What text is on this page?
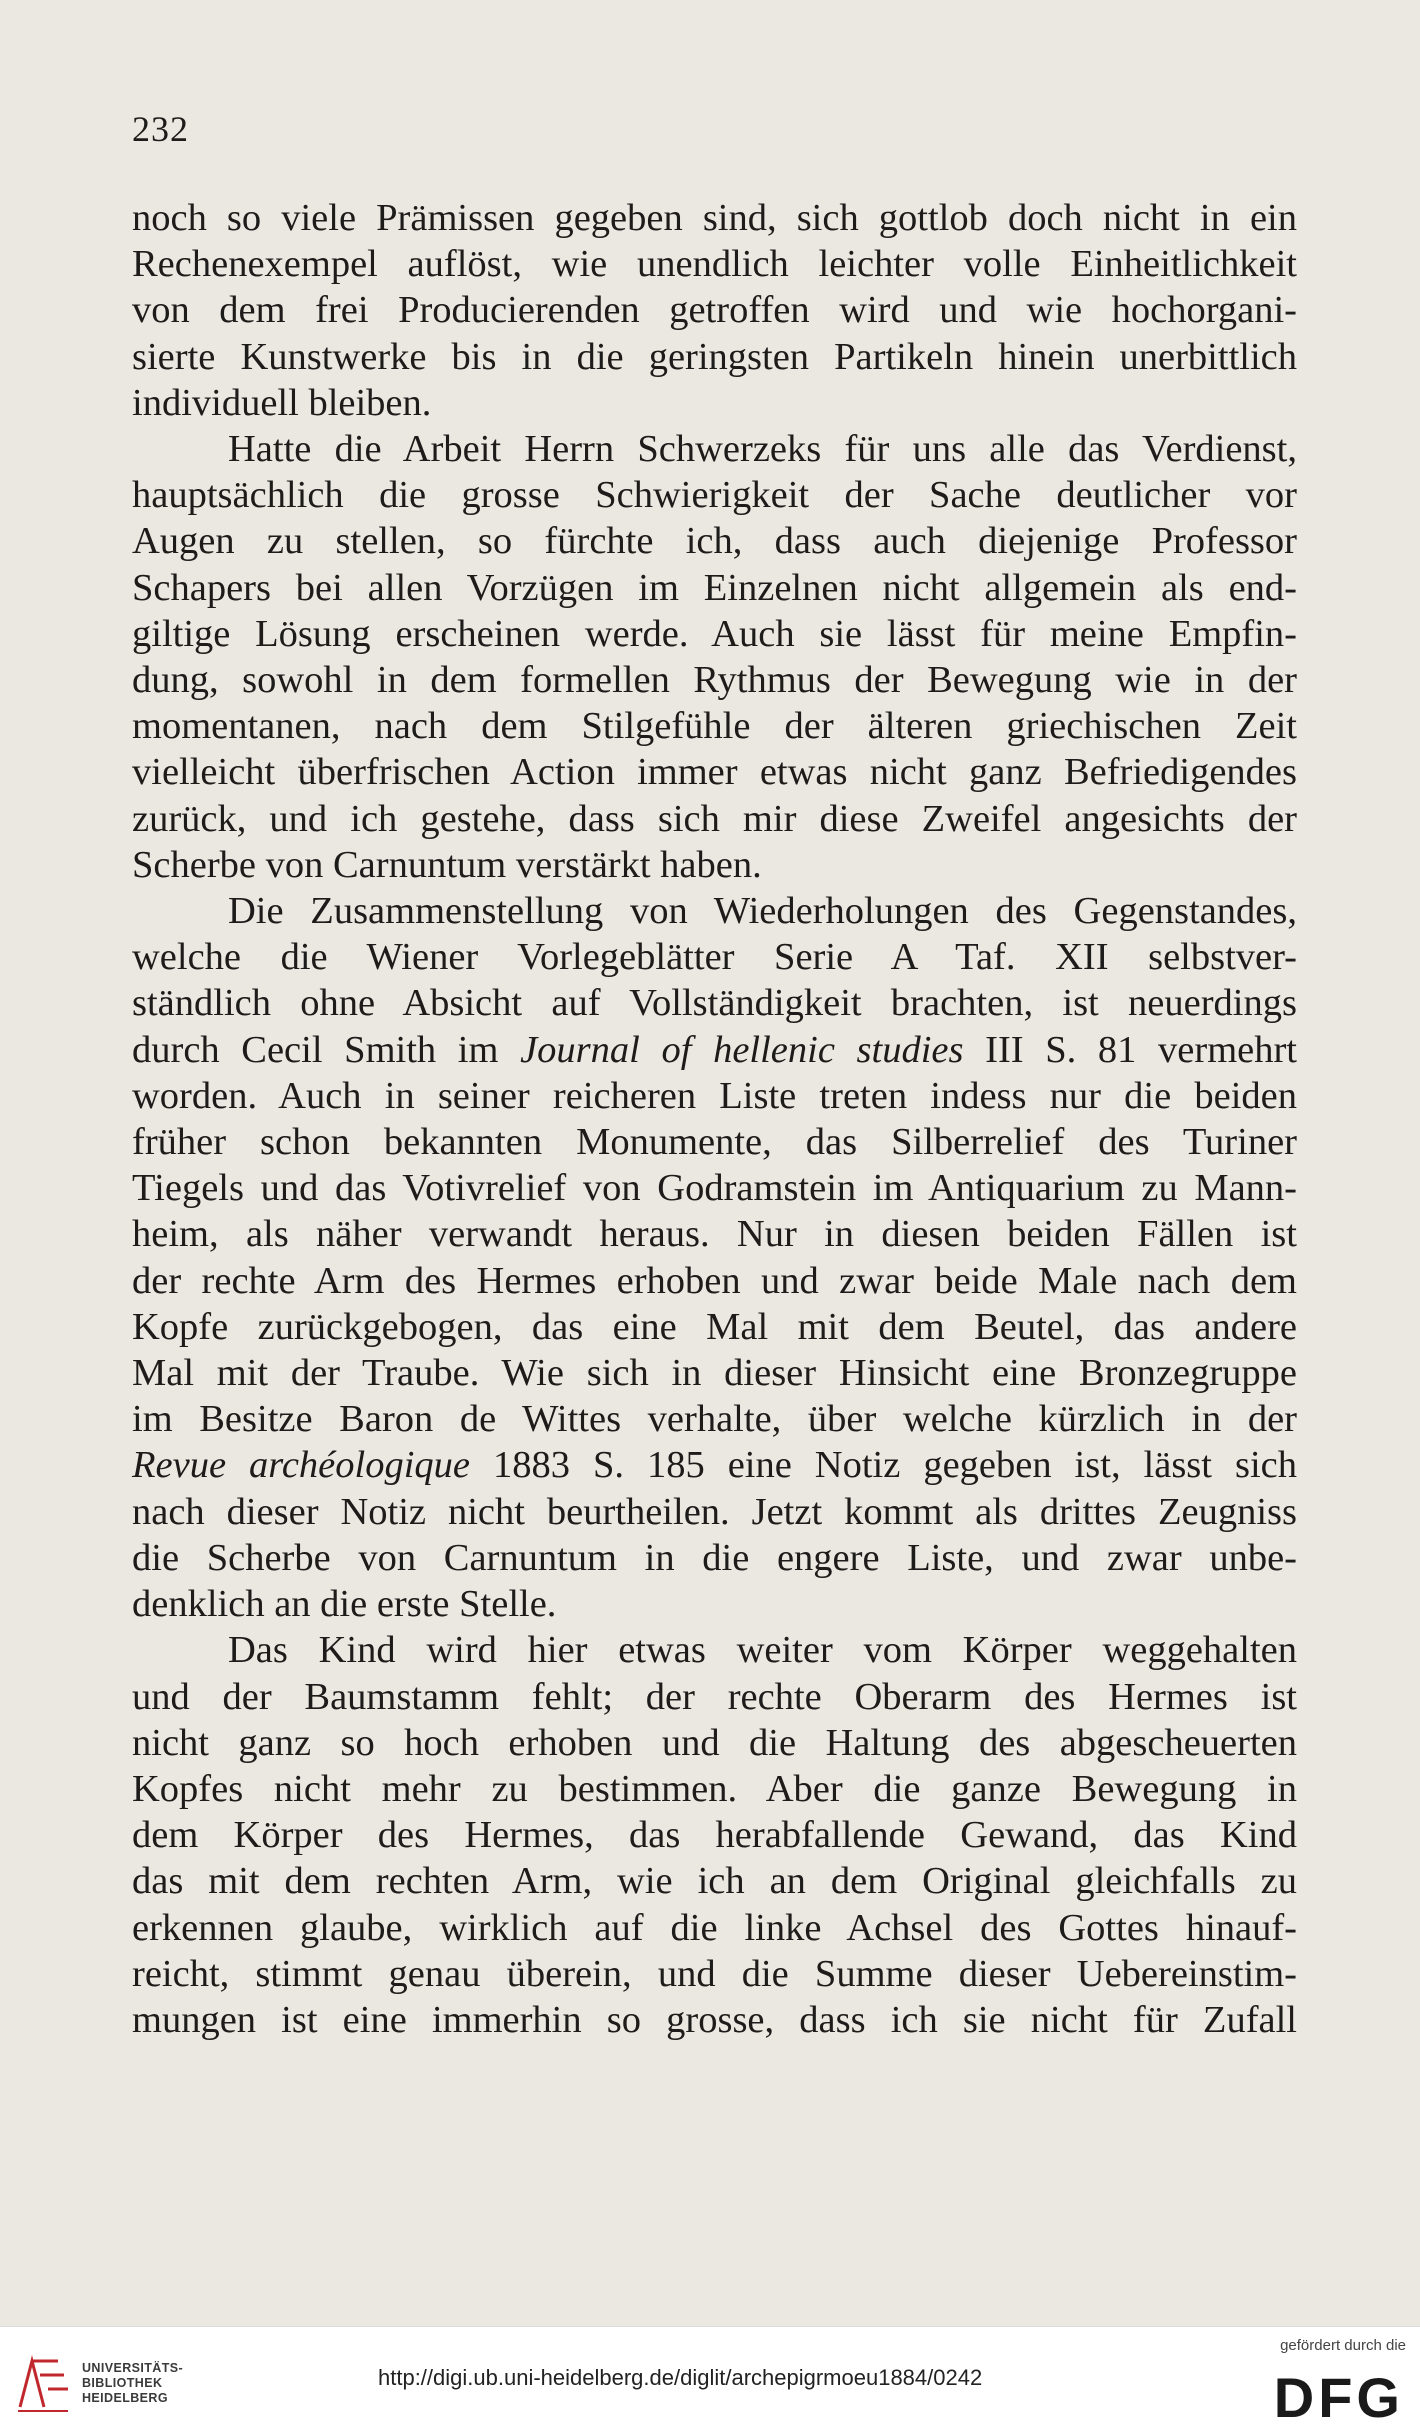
232
noch so viele Prämissen gegeben sind, sich gottlob doch nicht in ein
Rechenexempel auflöst, wie unendlich leichter volle Einheitlichkeit
von dem frei Producierenden getroffen wird und wie hochorgani-
sierte Kunstwerke bis in die geringsten Partikeln hinein unerbittlich
individuell bleiben.
Hatte die Arbeit Herrn Schwerzeks für uns alle das Verdienst,
hauptsächlich die grosse Schwierigkeit der Sache deutlicher vor
Augen zu stellen, so fürchte ich, dass auch diejenige Professor
Schapers bei allen Vorzügen im Einzelnen nicht allgemein als end-
giltige Lösung erscheinen werde. Auch sie lässt für meine Empfin-
dung, sowohl in dem formellen Rythmus der Bewegung wie in der
momentanen, nach dem Stilgefühle der älteren griechischen Zeit
vielleicht überfrischen Action immer etwas nicht ganz Befriedigendes
zurück, und ich gestehe, dass sich mir diese Zweifel angesichts der
Scherbe von Carnuntum verstärkt haben.
Die Zusammenstellung von Wiederholungen des Gegenstandes,
welche die Wiener Vorlegeblätter Serie A Taf. XII selbstver-
ständlich ohne Absicht auf Vollständigkeit brachten, ist neuerdings
durch Cecil Smith im Journal of hellenic studies III S. 81 vermehrt
worden. Auch in seiner reicheren Liste treten indess nur die beiden
früher schon bekannten Monumente, das Silberrelief des Turiner
Tiegels und das Votivrelief von Godramstein im Antiquarium zu Mann-
heim, als näher verwandt heraus. Nur in diesen beiden Fällen ist
der rechte Arm des Hermes erhoben und zwar beide Male nach dem
Kopfe zurückgebogen, das eine Mal mit dem Beutel, das andere
Mal mit der Traube. Wie sich in dieser Hinsicht eine Bronzegruppe
im Besitze Baron de Wittes verhalte, über welche kürzlich in der
Revue archéologique 1883 S. 185 eine Notiz gegeben ist, lässt sich
nach dieser Notiz nicht beurtheilen. Jetzt kommt als drittes Zeugniss
die Scherbe von Carnuntum in die engere Liste, und zwar unbe-
denklich an die erste Stelle.
Das Kind wird hier etwas weiter vom Körper weggehalten
und der Baumstamm fehlt; der rechte Oberarm des Hermes ist
nicht ganz so hoch erhoben und die Haltung des abgescheuerten
Kopfes nicht mehr zu bestimmen. Aber die ganze Bewegung in
dem Körper des Hermes, das herabfallende Gewand, das Kind
das mit dem rechten Arm, wie ich an dem Original gleichfalls zu
erkennen glaube, wirklich auf die linke Achsel des Gottes hinauf-
reicht, stimmt genau überein, und die Summe dieser Uebereinstim-
mungen ist eine immerhin so grosse, dass ich sie nicht für Zufall
UNIVERSITÄTS-
BIBLIOTHEK
HEIDELBERG
http://digi.ub.uni-heidelberg.de/diglit/archepigrmoeu1884/0242
gefördert durch die
DFG
